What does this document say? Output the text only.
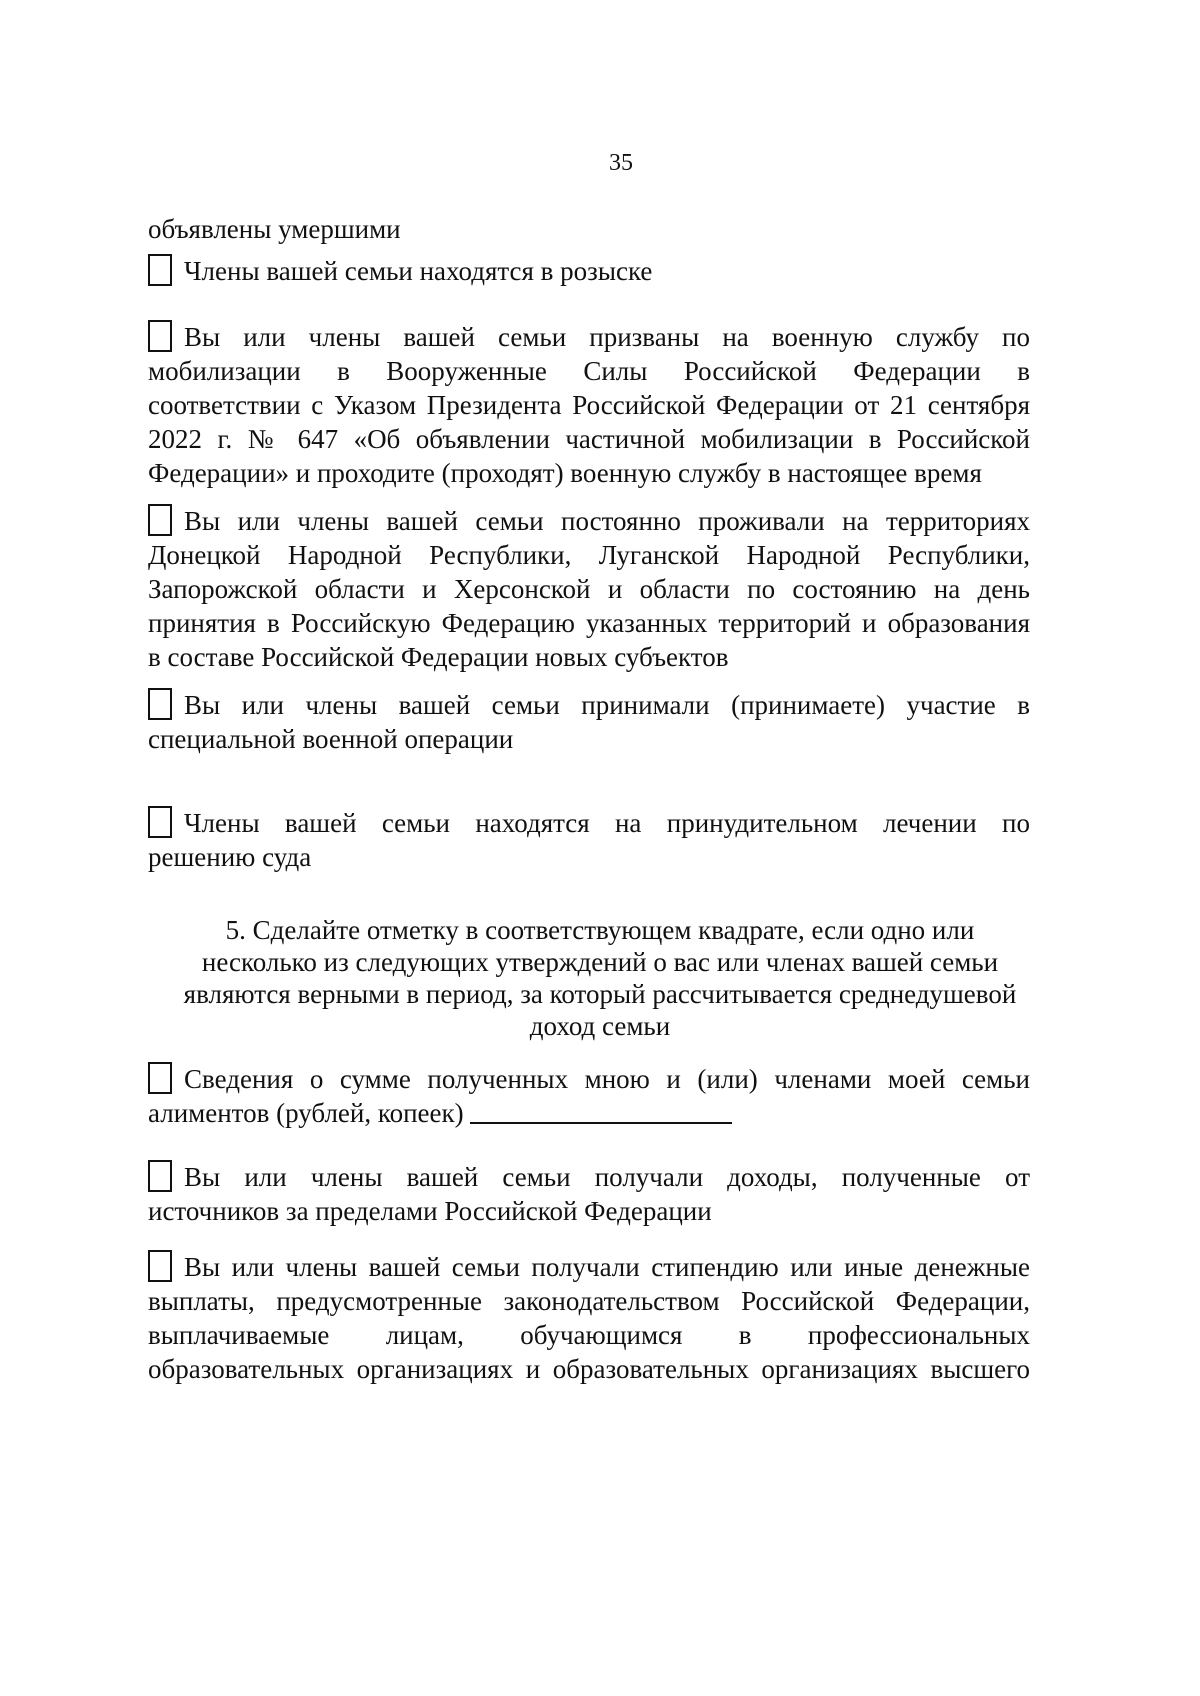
35
объявлены умершими
Члены вашей семьи находятся в розыске
Вы или члены вашей семьи призваны на военную службу по
мобилизации в Вооруженные Силы Российской Федерации в
соответствии с Указом Президента Российской Федерации от 21 сентября
2022 г. № 647 «Об объявлении частичной мобилизации в Российской
Федерации» и проходите (проходят) военную службу в настоящее время
Вы или члены вашей семьи постоянно проживали на территориях
Донецкой Народной Республики, Луганской Народной Республики,
Запорожской области и Херсонской и области по состоянию на день
принятия в Российскую Федерацию указанных территорий и образования
в составе Российской Федерации новых субъектов
Вы или члены вашей семьи принимали (принимаете) участие в
специальной военной операции
Члены вашей семьи находятся на принудительном лечении по
решению суда
5. Сделайте отметку в соответствующем квадрате, если одно или
несколько из следующих утверждений о вас или членах вашей семьи
являются верными в период, за который рассчитывается среднедушевой
доход семьи
Сведения о сумме полученных мною и (или) членами моей семьи
алиментов (рублей, копеек)
Вы или члены вашей семьи получали доходы, полученные от
источников за пределами Российской Федерации
Вы или члены вашей семьи получали стипендию или иные денежные
выплаты, предусмотренные законодательством Российской Федерации,
выплачиваемые лицам, обучающимся в профессиональных
образовательных организациях и образовательных организациях высшего
